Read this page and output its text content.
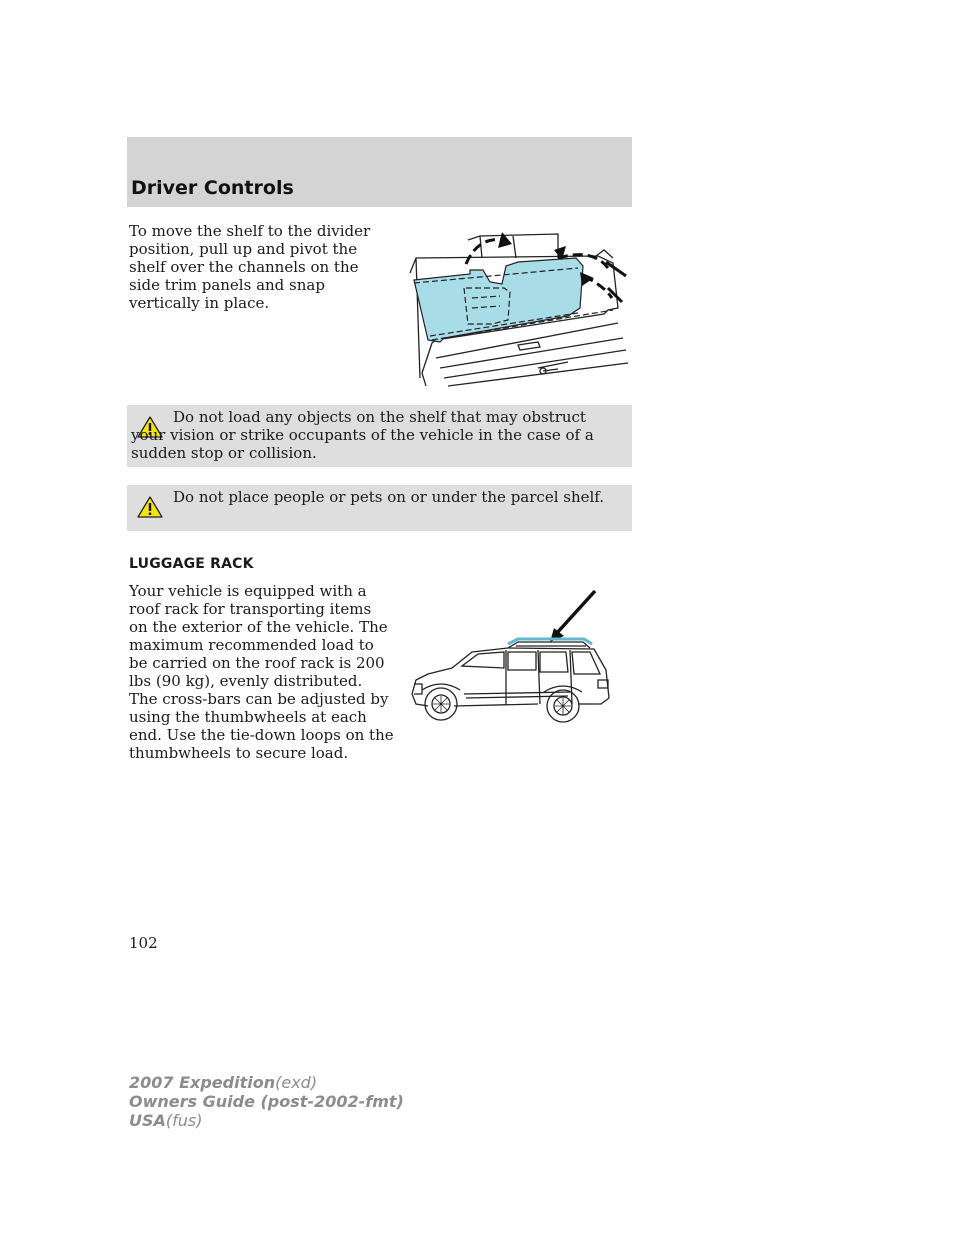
Driver Controls
To move the shelf to the divider position, pull up and pivot the shelf over the channels on the side trim panels and snap vertically in place.
Do not load any objects on the shelf that may obstruct your vision or strike occupants of the vehicle in the case of a sudden stop or collision.
Do not place people or pets on or under the parcel shelf.
LUGGAGE RACK
Your vehicle is equipped with a roof rack for transporting items on the exterior of the vehicle. The maximum recommended load to be carried on the roof rack is 200 lbs (90 kg), evenly distributed. The cross-bars can be adjusted by using the thumbwheels at each end. Use the tie-down loops on the thumbwheels to secure load.
102
2007 Expedition(exd)
Owners Guide (post-2002-fmt)
USA(fus)
